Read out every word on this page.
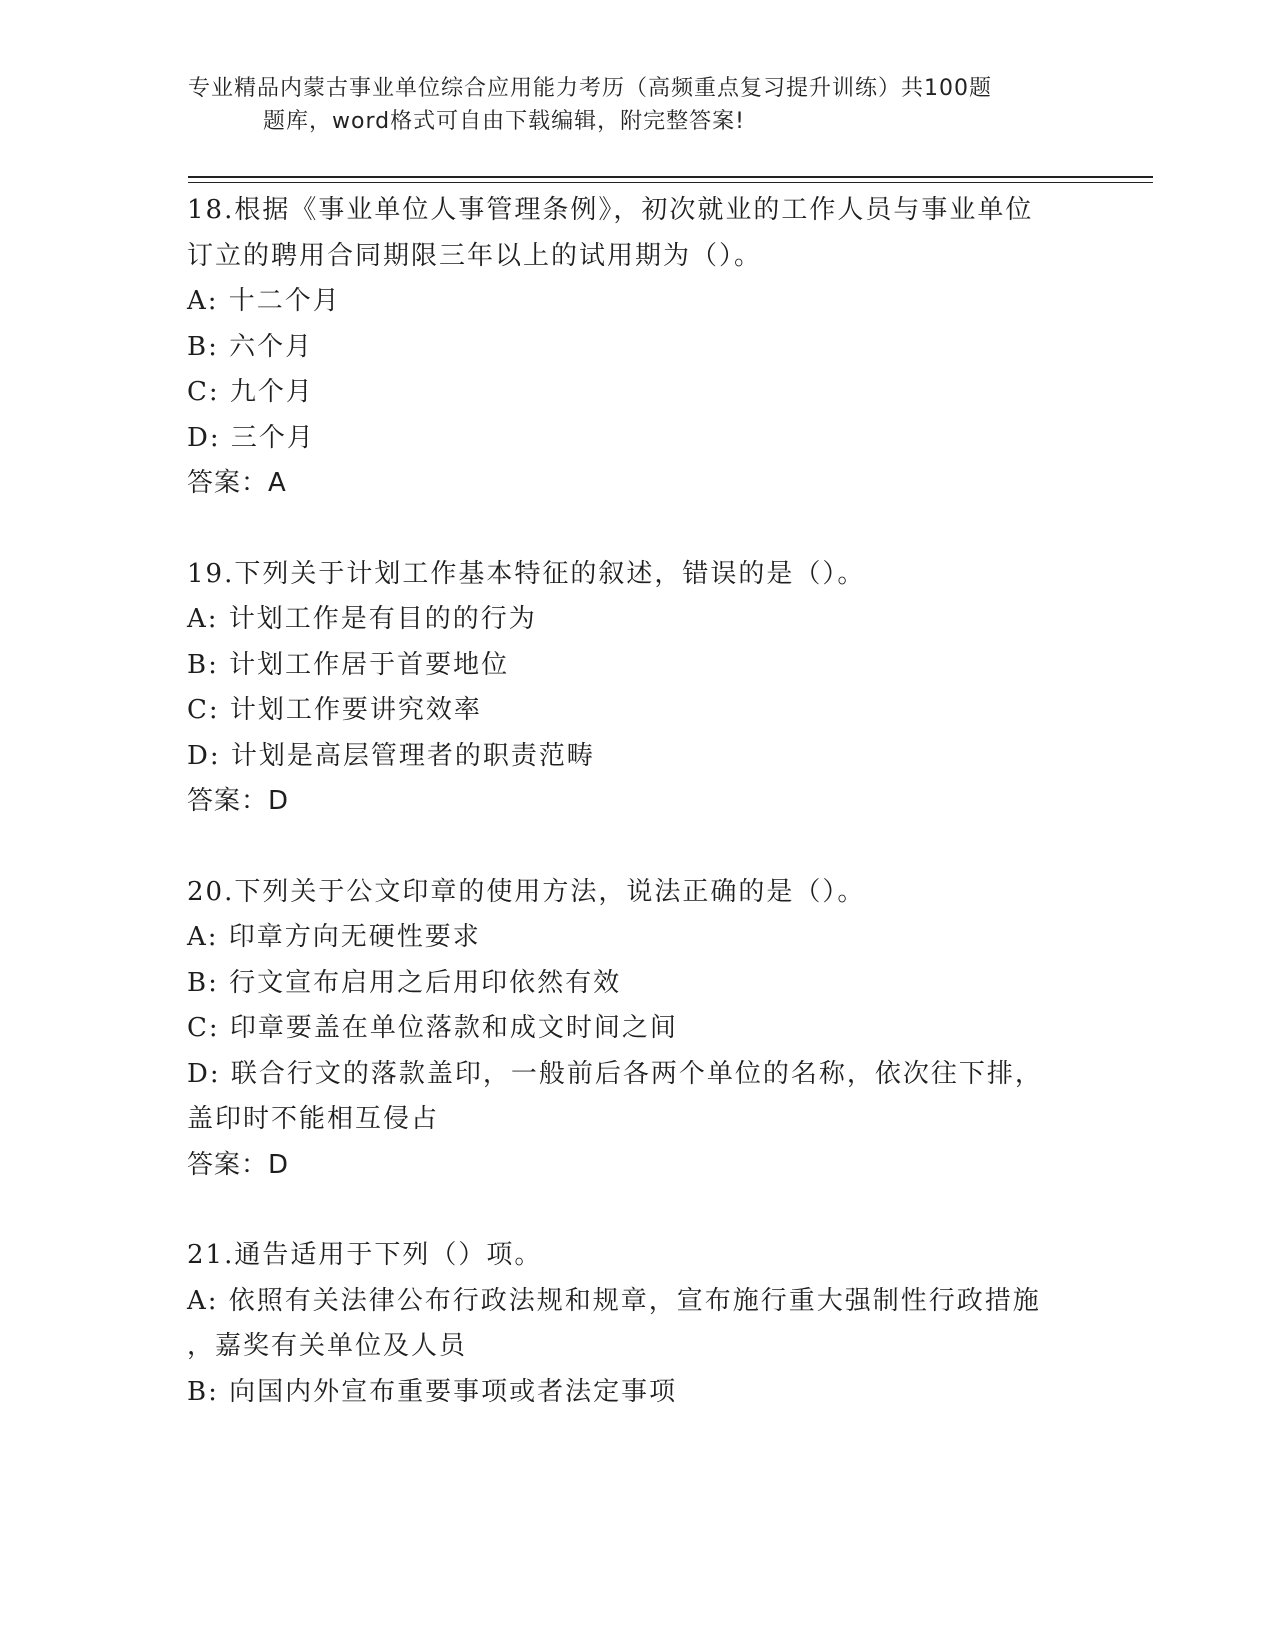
专业精品内蒙古事业单位综合应用能力考历（高频重点复习提升训练）共100题
题库，word格式可自由下载编辑，附完整答案!
18.根据《事业单位人事管理条例》，初次就业的工作人员与事业单位
订立的聘用合同期限三年以上的试用期为（）。
A: 十二个月
B: 六个月
C: 九个月
D: 三个月
答案：A
19.下列关于计划工作基本特征的叙述，错误的是（）。
A: 计划工作是有目的的行为
B: 计划工作居于首要地位
C: 计划工作要讲究效率
D: 计划是高层管理者的职责范畴
答案：D
20.下列关于公文印章的使用方法，说法正确的是（）。
A: 印章方向无硬性要求
B: 行文宣布启用之后用印依然有效
C: 印章要盖在单位落款和成文时间之间
D: 联合行文的落款盖印，一般前后各两个单位的名称，依次往下排，
盖印时不能相互侵占
答案：D
21.通告适用于下列（）项。
A: 依照有关法律公布行政法规和规章，宣布施行重大强制性行政措施
，嘉奖有关单位及人员
B: 向国内外宣布重要事项或者法定事项
